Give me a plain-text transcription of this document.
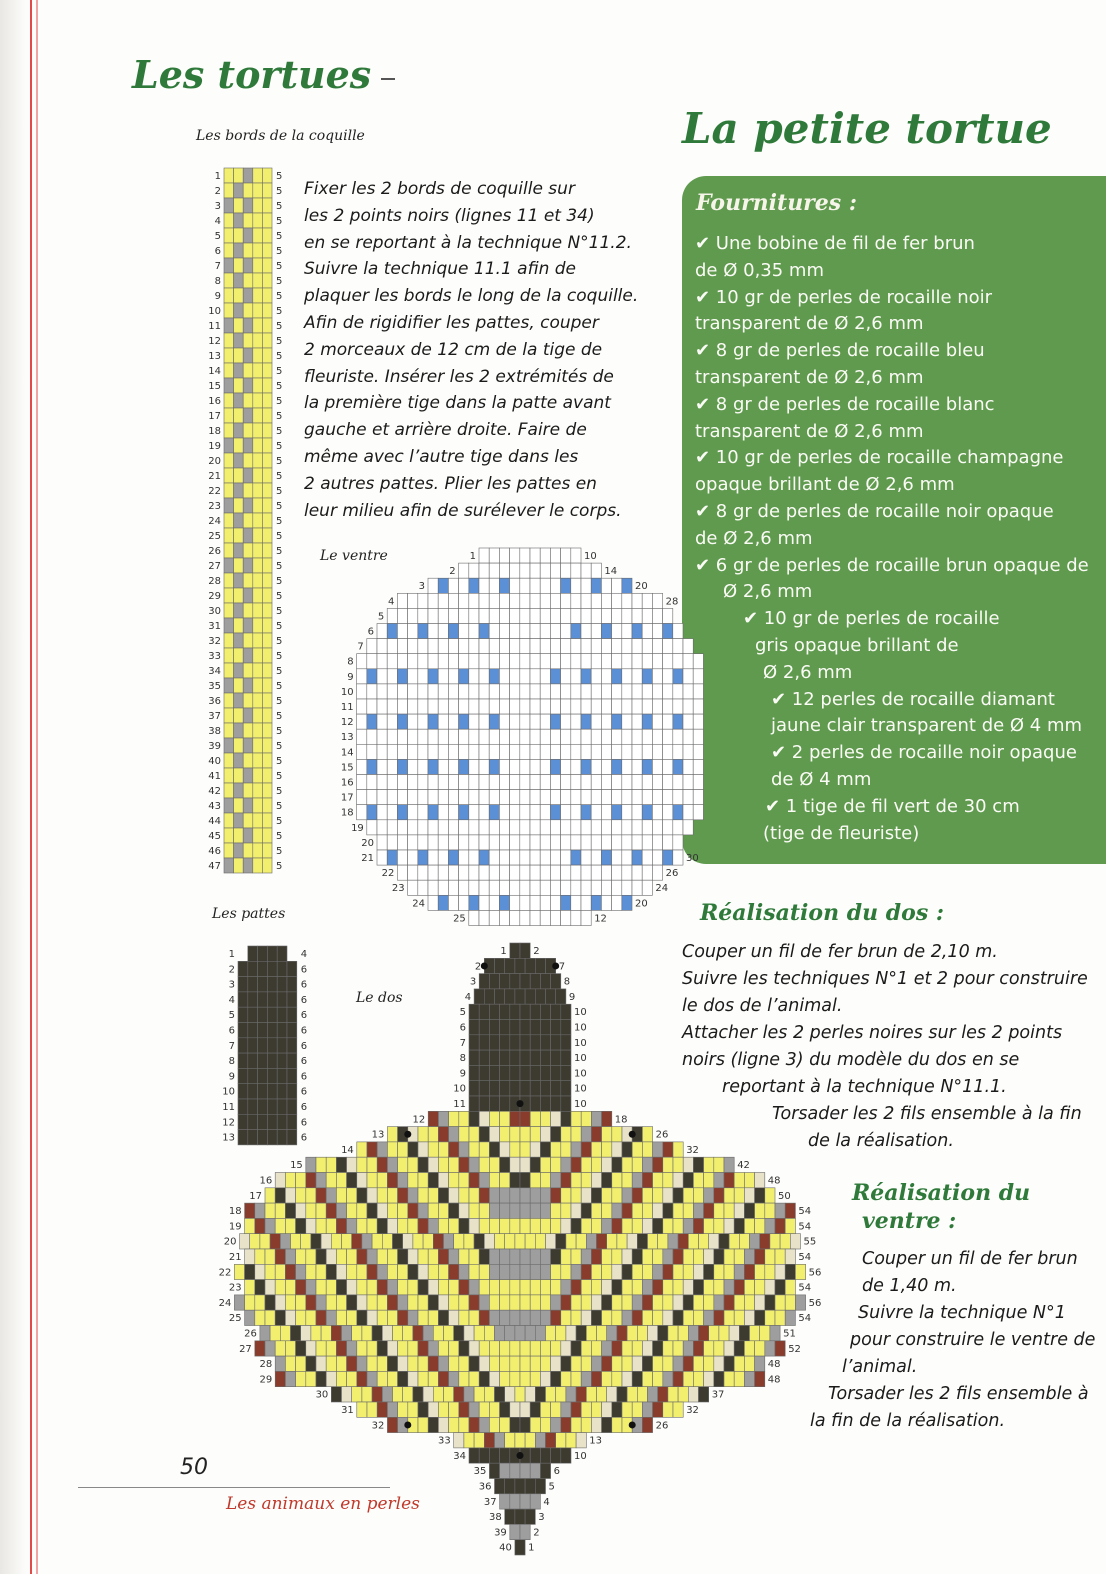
Les tortues
La petite tortue
Les bords de la coquille
Le ventre
Les pattes
Le dos

Fixer les 2 bords de coquille sur

les 2 points noirs (lignes 11 et 34)

en se reportant à la technique N°11.2.

Suivre la technique 11.1 afin de

plaquer les bords le long de la coquille.

Afin de rigidifier les pattes, couper

2 morceaux de 12 cm de la tige de

fleuriste. Insérer les 2 extrémités de

la première tige dans la patte avant

gauche et arrière droite. Faire de

même avec l’autre tige dans les

2 autres pattes. Plier les pattes en

leur milieu afin de surélever le corps.

Fournitures :
✔ Une bobine de fil de fer brun
de Ø 0,35 mm
✔ 10 gr de perles de rocaille noir
transparent de Ø 2,6 mm
✔ 8 gr de perles de rocaille bleu
transparent de Ø 2,6 mm
✔ 8 gr de perles de rocaille blanc
transparent de Ø 2,6 mm
✔ 10 gr de perles de rocaille champagne
opaque brillant de Ø 2,6 mm
✔ 8 gr de perles de rocaille noir opaque
de Ø 2,6 mm
✔ 6 gr de perles de rocaille brun opaque de
Ø 2,6 mm
✔ 10 gr de perles de rocaille
gris opaque brillant de
Ø 2,6 mm
✔ 12 perles de rocaille diamant
jaune clair transparent de Ø 4 mm
✔ 2 perles de rocaille noir opaque
de Ø 4 mm
✔ 1 tige de fil vert de 30 cm
(tige de fleuriste)
Réalisation du dos :
Couper un fil de fer brun de 2,10 m.
Suivre les techniques N°1 et 2 pour construire
le dos de l’animal.
Attacher les 2 perles noires sur les 2 points
noirs (ligne 3) du modèle du dos en se
reportant à la technique N°11.1.
Torsader les 2 fils ensemble à la fin
de la réalisation.
Réalisation du
ventre :
Couper un fil de fer brun
de 1,40 m.
Suivre la technique N°1
pour construire le ventre de
l’animal.
Torsader les 2 fils ensemble à
la fin de la réalisation.
50
Les animaux en perles
1	5
2	5
3	5
4	5
5	5
6	5
7	5
8	5
9	5
10	5
11	5
12	5
13	5
14	5
15	5
16	5
17	5
18	5
19	5
20	5
21	5
22	5
23	5
24	5
25	5
26	5
27	5
28	5
29	5
30	5
31	5
32	5
33	5
34	5
35	5
36	5
37	5
38	5
39	5
40	5
41	5
42	5
43	5
44	5
45	5
46	5
47	5
1	4
2	6
3	6
4	6
5	6
6	6
7	6
8	6
9	6
10	6
11	6
12	6
13	6
1	10
2	14
3	20
4	28
5
6
7
8
9
10
11
12
13
14
15
16
17
18
19
20
21	30
22	26
23	24
24	20
25	12
1	2
2	7
3	8
4	9
5	10
6	10
7	10
8	10
9	10
10	10
11	10
12	18
13	26
14	32
15	42
16	48
17	50
18	54
19	54
20	55
21	54
22	56
23	54
24	56
25	54
26	51
27	52
28	48
29	48
30	37
31	32
32	26
33	13
34	10
35	6
36	5
37	4
38	3
39	2
40 1
